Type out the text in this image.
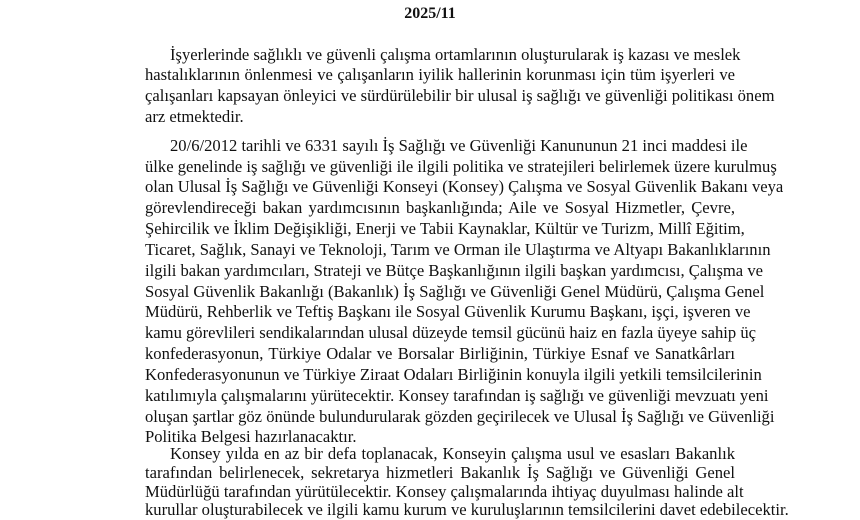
2025/11
İşyerlerinde sağlıklı ve güvenli çalışma ortamlarının oluşturularak iş kazası ve meslek
hastalıklarının önlenmesi ve çalışanların iyilik hallerinin korunması için tüm işyerleri ve
çalışanları kapsayan önleyici ve sürdürülebilir bir ulusal iş sağlığı ve güvenliği politikası önem
arz etmektedir.
20/6/2012 tarihli ve 6331 sayılı İş Sağlığı ve Güvenliği Kanununun 21 inci maddesi ile
ülke genelinde iş sağlığı ve güvenliği ile ilgili politika ve stratejileri belirlemek üzere kurulmuş
olan Ulusal İş Sağlığı ve Güvenliği Konseyi (Konsey) Çalışma ve Sosyal Güvenlik Bakanı veya
görevlendireceği bakan yardımcısının başkanlığında; Aile ve Sosyal Hizmetler, Çevre,
Şehircilik ve İklim Değişikliği, Enerji ve Tabii Kaynaklar, Kültür ve Turizm, Millî Eğitim,
Ticaret, Sağlık, Sanayi ve Teknoloji, Tarım ve Orman ile Ulaştırma ve Altyapı Bakanlıklarının
ilgili bakan yardımcıları, Strateji ve Bütçe Başkanlığının ilgili başkan yardımcısı, Çalışma ve
Sosyal Güvenlik Bakanlığı (Bakanlık) İş Sağlığı ve Güvenliği Genel Müdürü, Çalışma Genel
Müdürü, Rehberlik ve Teftiş Başkanı ile Sosyal Güvenlik Kurumu Başkanı, işçi, işveren ve
kamu görevlileri sendikalarından ulusal düzeyde temsil gücünü haiz en fazla üyeye sahip üç
konfederasyonun, Türkiye Odalar ve Borsalar Birliğinin, Türkiye Esnaf ve Sanatkârları
Konfederasyonunun ve Türkiye Ziraat Odaları Birliğinin konuyla ilgili yetkili temsilcilerinin
katılımıyla çalışmalarını yürütecektir. Konsey tarafından iş sağlığı ve güvenliği mevzuatı yeni
oluşan şartlar göz önünde bulundurularak gözden geçirilecek ve Ulusal İş Sağlığı ve Güvenliği
Politika Belgesi hazırlanacaktır.
Konsey yılda en az bir defa toplanacak, Konseyin çalışma usul ve esasları Bakanlık
tarafından belirlenecek, sekretarya hizmetleri Bakanlık İş Sağlığı ve Güvenliği Genel
Müdürlüğü tarafından yürütülecektir. Konsey çalışmalarında ihtiyaç duyulması halinde alt
kurullar oluşturabilecek ve ilgili kamu kurum ve kuruluşlarının temsilcilerini davet edebilecektir.
